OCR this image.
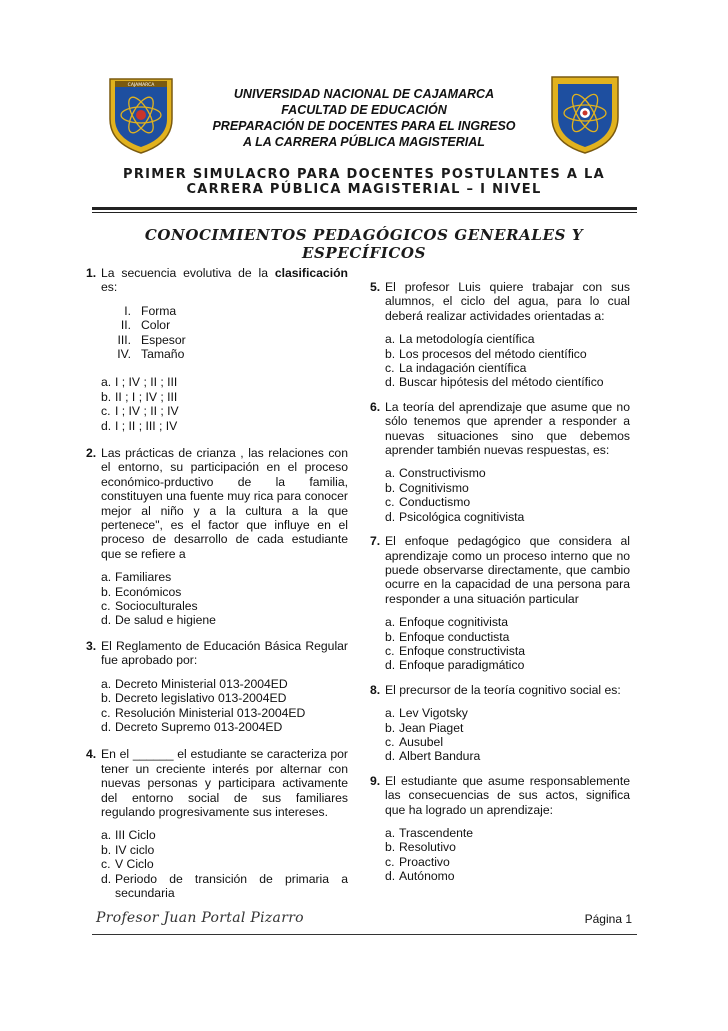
CAJAMARCA
UNIVERSIDAD NACIONAL DE CAJAMARCA
FACULTAD DE EDUCACIÓN
PREPARACIÓN DE DOCENTES PARA EL INGRESO
A LA CARRERA PÚBLICA MAGISTERIAL
PRIMER SIMULACRO PARA DOCENTES POSTULANTES A LA
CARRERA PÚBLICA MAGISTERIAL – I NIVEL
CONOCIMIENTOS PEDAGÓGICOS GENERALES Y ESPECÍFICOS
1. La secuencia evolutiva de la clasificación es:
I. Forma
II. Color
III. Espesor
IV. Tamaño
a. I ; IV ; II ; III
b. II ; I ; IV ; III
c. I ; IV ; II ; IV
d. I ; II ; III ; IV
2. Las prácticas de crianza , las relaciones con el entorno, su participación en el proceso económico-prductivo de la familia, constituyen una fuente muy rica para conocer mejor al niño y a la cultura a la que pertenece", es el factor que influye en el proceso de desarrollo de cada estudiante que se refiere a
a. Familiares
b. Económicos
c. Socioculturales
d. De salud e higiene
3. El Reglamento de Educación Básica Regular fue aprobado por:
a. Decreto Ministerial 013-2004ED
b. Decreto legislativo 013-2004ED
c. Resolución Ministerial 013-2004ED
d. Decreto Supremo 013-2004ED
4. En el ______ el estudiante se caracteriza por tener un creciente interés por alternar con nuevas personas y participara activamente del entorno social de sus familiares regulando progresivamente sus intereses.
a. III Ciclo
b. IV ciclo
c. V Ciclo
d. Periodo de transición de primaria a secundaria
5. El profesor Luis quiere trabajar con sus alumnos, el ciclo del agua, para lo cual deberá realizar actividades orientadas a:
a. La metodología científica
b. Los procesos del método científico
c. La indagación científica
d. Buscar hipótesis del método científico
6. La teoría del aprendizaje que asume que no sólo tenemos que aprender a responder a nuevas situaciones sino que debemos aprender también nuevas respuestas, es:
a. Constructivismo
b. Cognitivismo
c. Conductismo
d. Psicológica cognitivista
7. El enfoque pedagógico que considera al aprendizaje como un proceso interno que no puede observarse directamente, que cambio ocurre en la capacidad de una persona para responder a una situación particular
a. Enfoque cognitivista
b. Enfoque conductista
c. Enfoque constructivista
d. Enfoque paradigmático
8. El precursor de la teoría cognitivo social es:
a. Lev Vigotsky
b. Jean Piaget
c. Ausubel
d. Albert Bandura
9. El estudiante que asume responsablemente las consecuencias de sus actos, significa que ha logrado un aprendizaje:
a. Trascendente
b. Resolutivo
c. Proactivo
d. Autónomo
Profesor Juan Portal Pizarro	Página 1
